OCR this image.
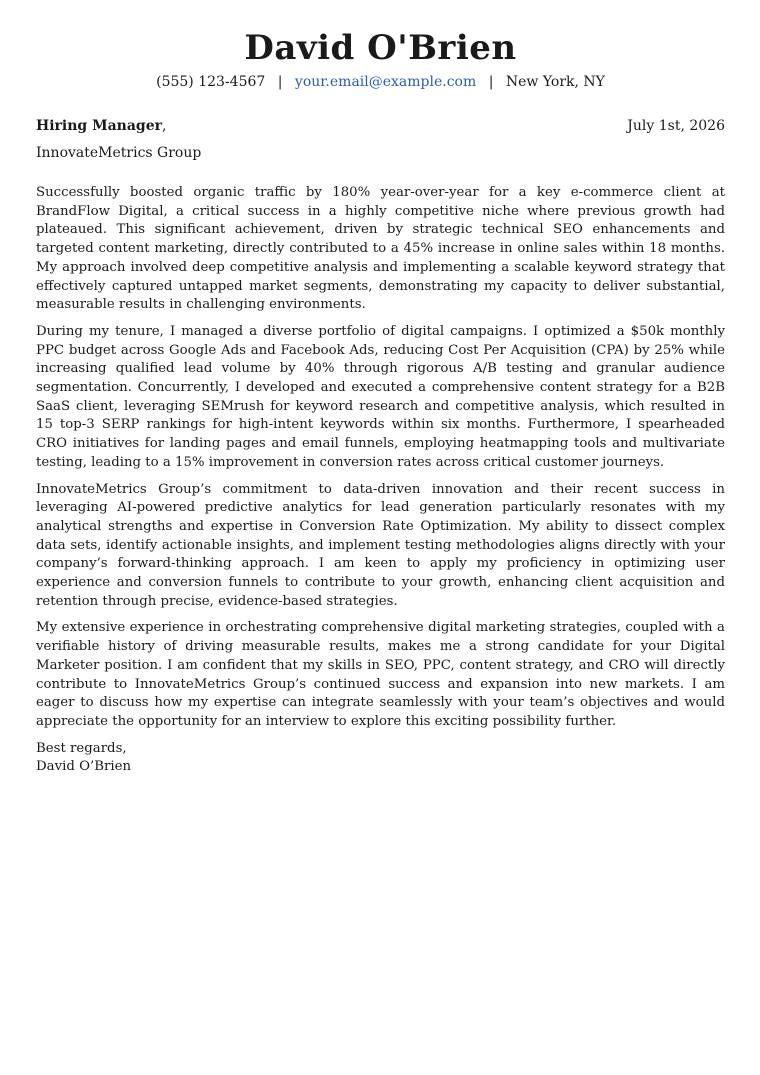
David O'Brien
(555) 123-4567 | your.email@example.com | New York, NY
Hiring Manager,	July 1st, 2026
InnovateMetrics Group

Successfully boosted organic traffic by 180% year-over-year for a key e-commerce client at BrandFlow Digital, a critical success in a highly competitive niche where previous growth had plateaued. This significant achievement, driven by strategic technical SEO enhancements and targeted content marketing, directly contributed to a 45% increase in online sales within 18 months. My approach involved deep competitive analysis and implementing a scalable keyword strategy that effectively captured untapped market segments, demonstrating my capacity to deliver substantial, measurable results in challenging environments.

During my tenure, I managed a diverse portfolio of digital campaigns. I optimized a $50k monthly PPC budget across Google Ads and Facebook Ads, reducing Cost Per Acquisition (CPA) by 25% while increasing qualified lead volume by 40% through rigorous A/B testing and granular audience segmentation. Concurrently, I developed and executed a comprehensive content strategy for a B2B SaaS client, leveraging SEMrush for keyword research and competitive analysis, which resulted in 15 top-3 SERP rankings for high-intent keywords within six months. Furthermore, I spearheaded CRO initiatives for landing pages and email funnels, employing heatmapping tools and multivariate testing, leading to a 15% improvement in conversion rates across critical customer journeys.

InnovateMetrics Group’s commitment to data-driven innovation and their recent success in leveraging AI-powered predictive analytics for lead generation particularly resonates with my analytical strengths and expertise in Conversion Rate Optimization. My ability to dissect complex data sets, identify actionable insights, and implement testing methodologies aligns directly with your company’s forward-thinking approach. I am keen to apply my proficiency in optimizing user experience and conversion funnels to contribute to your growth, enhancing client acquisition and retention through precise, evidence-based strategies.

My extensive experience in orchestrating comprehensive digital marketing strategies, coupled with a verifiable history of driving measurable results, makes me a strong candidate for your Digital Marketer position. I am confident that my skills in SEO, PPC, content strategy, and CRO will directly contribute to InnovateMetrics Group’s continued success and expansion into new markets. I am eager to discuss how my expertise can integrate seamlessly with your team’s objectives and would appreciate the opportunity for an interview to explore this exciting possibility further.

Best regards,
David O’Brien
